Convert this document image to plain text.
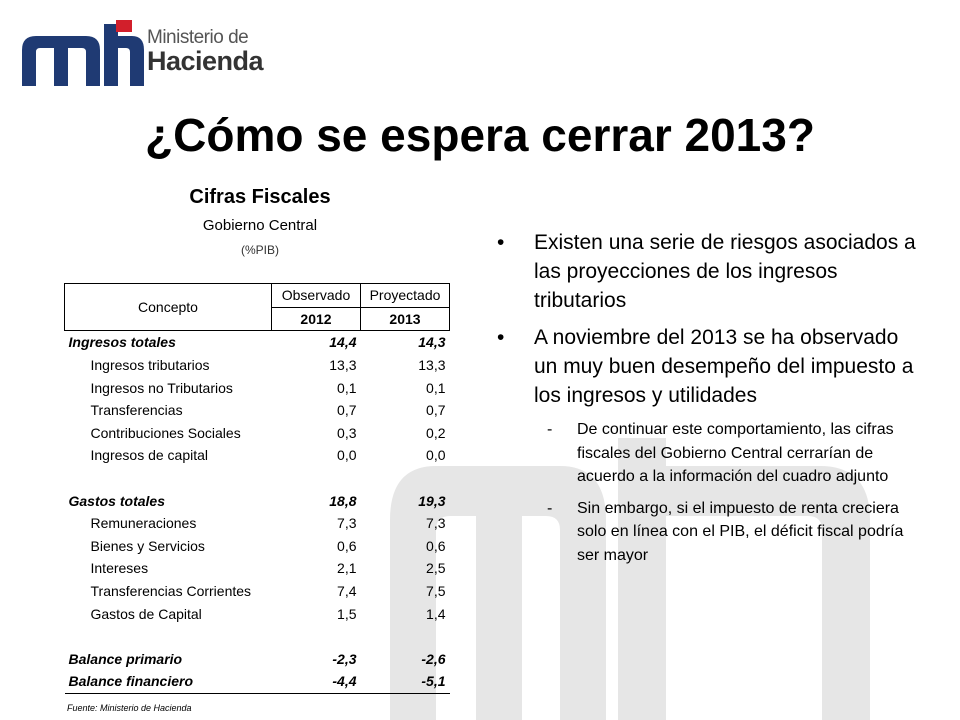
Ministerio de
Hacienda
¿Cómo se espera cerrar 2013?
Cifras Fiscales
Gobierno Central
(%PIB)
Concepto	Observado	Proyectado
	2012	2013
Ingresos totales	14,4	14,3
Ingresos tributarios	13,3	13,3
Ingresos no Tributarios	0,1	0,1
Transferencias	0,7	0,7
Contribuciones Sociales	0,3	0,2
Ingresos de capital	0,0	0,0

Gastos totales	18,8	19,3
Remuneraciones	7,3	7,3
Bienes y Servicios	0,6	0,6
Intereses	2,1	2,5
Transferencias Corrientes	7,4	7,5
Gastos de Capital	1,5	1,4

Balance primario	-2,3	-2,6
Balance financiero	-4,4	-5,1
Fuente: Ministerio de Hacienda
•	Existen una serie de riesgos asociados a las proyecciones de los ingresos tributarios
•	A noviembre del 2013 se ha observado un muy buen desempeño del impuesto a los ingresos y utilidades
-	De continuar este comportamiento, las cifras fiscales del Gobierno Central cerrarían de acuerdo a la información del cuadro adjunto
-	Sin embargo, si el impuesto de renta creciera solo en línea con el PIB, el déficit fiscal podría ser mayor
